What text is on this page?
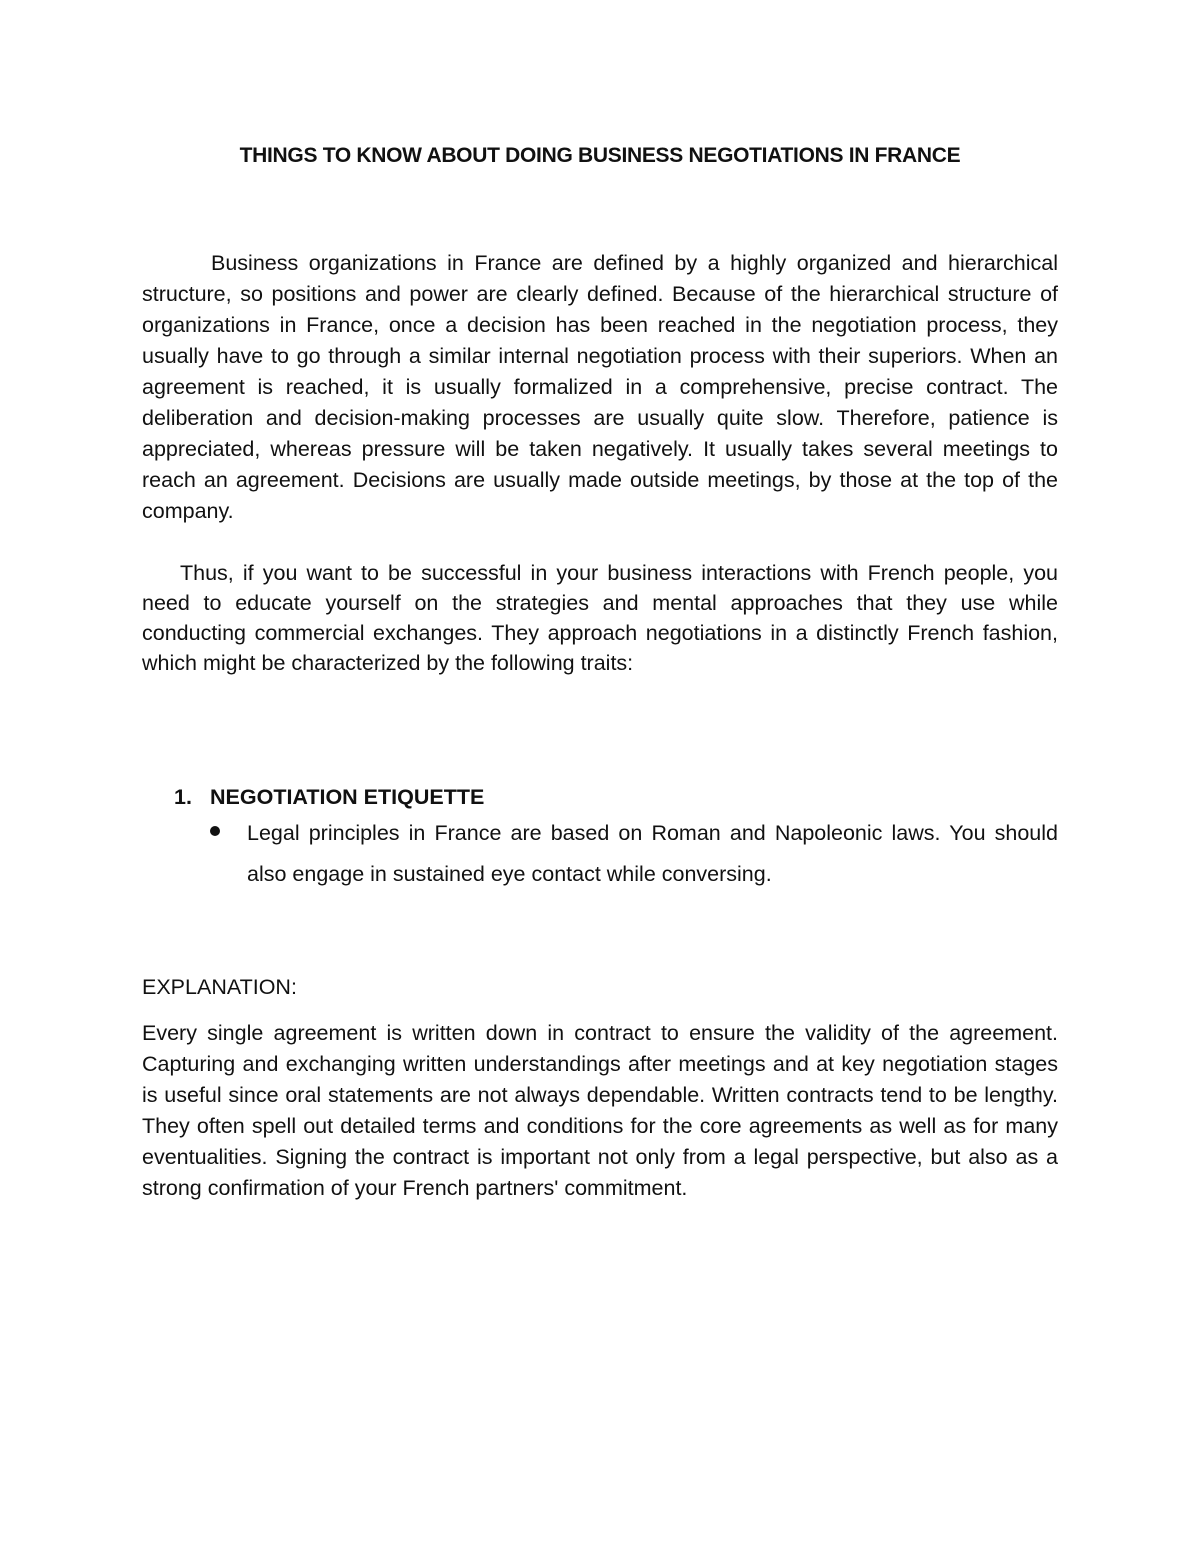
THINGS TO KNOW ABOUT DOING BUSINESS NEGOTIATIONS IN FRANCE

Business organizations in France are defined by a highly organized and hierarchical structure, so positions and power are clearly defined. Because of the hierarchical structure of organizations in France, once a decision has been reached in the negotiation process, they usually have to go through a similar internal negotiation process with their superiors. When an agreement is reached, it is usually formalized in a comprehensive, precise contract. The deliberation and decision-making processes are usually quite slow. Therefore, patience is appreciated, whereas pressure will be taken negatively. It usually takes several meetings to reach an agreement. Decisions are usually made outside meetings, by those at the top of the company.

Thus, if you want to be successful in your business interactions with French people, you need to educate yourself on the strategies and mental approaches that they use while conducting commercial exchanges. They approach negotiations in a distinctly French fashion, which might be characterized by the following traits:

1. NEGOTIATION ETIQUETTE

Legal principles in France are based on Roman and Napoleonic laws. You should also engage in sustained eye contact while conversing.

EXPLANATION:

Every single agreement is written down in contract to ensure the validity of the agreement. Capturing and exchanging written understandings after meetings and at key negotiation stages is useful since oral statements are not always dependable. Written contracts tend to be lengthy. They often spell out detailed terms and conditions for the core agreements as well as for many eventualities. Signing the contract is important not only from a legal perspective, but also as a strong confirmation of your French partners' commitment.
